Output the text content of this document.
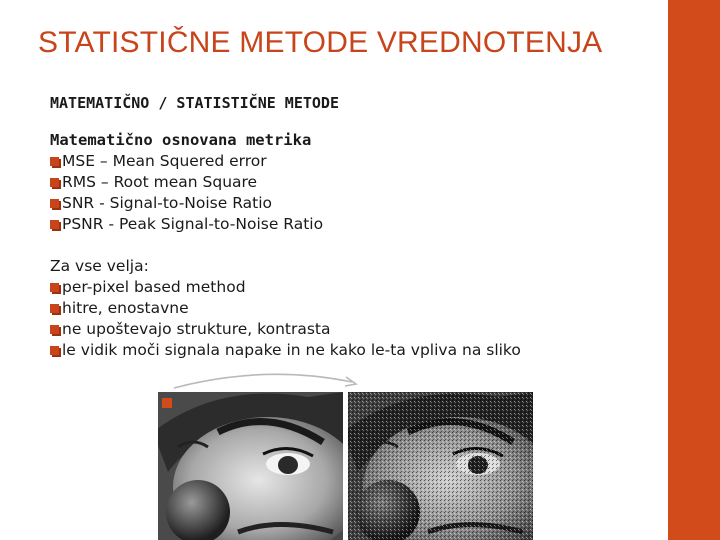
STATISTIČNE METODE VREDNOTENJA
MATEMATIČNO / STATISTIČNE METODE
Matematično osnovana metrika
MSE – Mean Squered error
RMS – Root mean Square
SNR - Signal-to-Noise Ratio
PSNR - Peak Signal-to-Noise Ratio
Za vse velja:
per-pixel based method
hitre, enostavne
ne upoštevajo strukture, kontrasta
le vidik moči signala napake in ne kako le-ta vpliva na sliko
